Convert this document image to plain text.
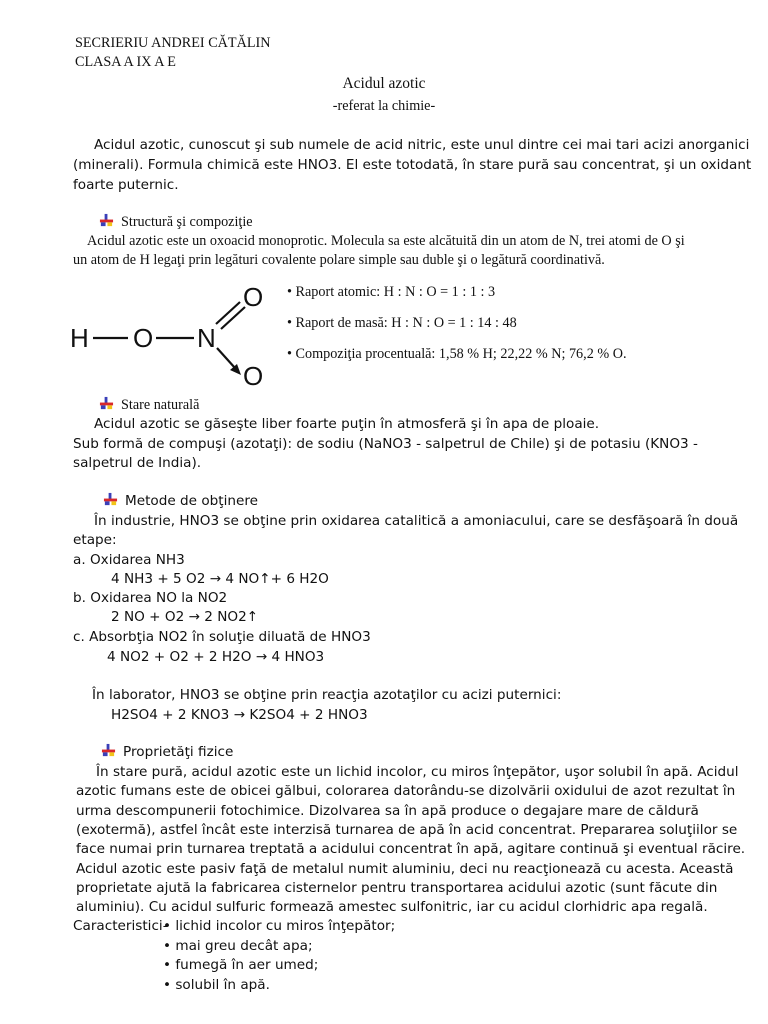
SECRIERIU ANDREI CĂTĂLIN
CLASA A IX A E
Acidul azotic
-referat la chimie-
Acidul azotic, cunoscut şi sub numele de acid nitric, este unul dintre cei mai tari acizi anorganici
(minerali). Formula chimică este HNO3. El este totodată, în stare pură sau concentrat, şi un oxidant
foarte puternic.
Structură şi compoziţie
Acidul azotic este un oxoacid monoprotic. Molecula sa este alcătuită din un atom de N, trei atomi de O şi
un atom de H legaţi prin legături covalente polare simple sau duble şi o legătură coordinativă.
H O N
O
O
• Raport atomic: H : N : O = 1 : 1 : 3
• Raport de masă: H : N : O = 1 : 14 : 48
• Compoziţia procentuală: 1,58 % H; 22,22 % N; 76,2 % O.
Stare naturală
Acidul azotic se găseşte liber foarte puţin în atmosferă şi în apa de ploaie.
Sub formă de compuşi (azotaţi): de sodiu (NaNO3 - salpetrul de Chile) şi de potasiu (KNO3 -
salpetrul de India).
Metode de obţinere
În industrie, HNO3 se obţine prin oxidarea catalitică a amoniacului, care se desfăşoară în două
etape:
a. Oxidarea NH3
4 NH3 + 5 O2 → 4 NO↑+ 6 H2O
b. Oxidarea NO la NO2
2 NO + O2 → 2 NO2↑
c. Absorbţia NO2 în soluţie diluată de HNO3
4 NO2 + O2 + 2 H2O → 4 HNO3
În laborator, HNO3 se obţine prin reacţia azotaţilor cu acizi puternici:
H2SO4 + 2 KNO3 → K2SO4 + 2 HNO3
Proprietăţi fizice
În stare pură, acidul azotic este un lichid incolor, cu miros înţepător, uşor solubil în apă. Acidul
azotic fumans este de obicei gălbui, colorarea datorându-se dizolvării oxidului de azot rezultat în
urma descompunerii fotochimice. Dizolvarea sa în apă produce o degajare mare de căldură
(exotermă), astfel încât este interzisă turnarea de apă în acid concentrat. Prepararea soluţiilor se
face numai prin turnarea treptată a acidului concentrat în apă, agitare continuă şi eventual răcire.
Acidul azotic este pasiv faţă de metalul numit aluminiu, deci nu reacţionează cu acesta. Această
proprietate ajută la fabricarea cisternelor pentru transportarea acidului azotic (sunt făcute din
aluminiu). Cu acidul sulfuric formează amestec sulfonitric, iar cu acidul clorhidric apa regală.
Caracteristici-
• lichid incolor cu miros înţepător;
• mai greu decât apa;
• fumegă în aer umed;
• solubil în apă.
